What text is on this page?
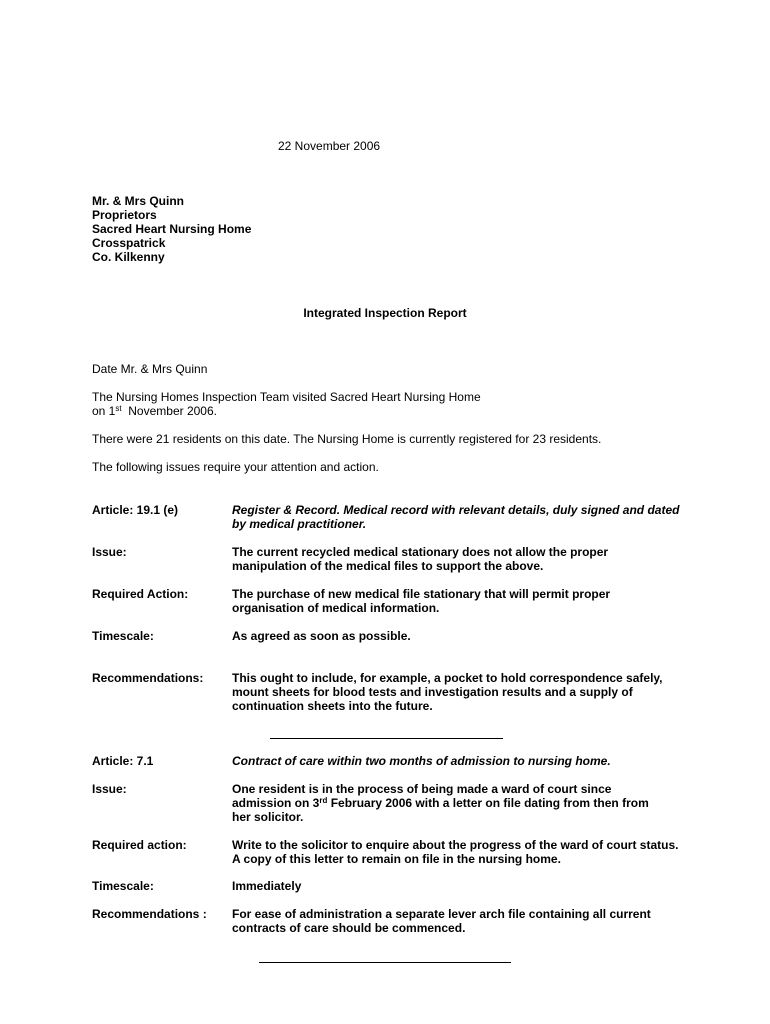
22 November 2006
Mr. & Mrs Quinn
Proprietors
Sacred Heart Nursing Home
Crosspatrick
Co. Kilkenny
Integrated Inspection Report
Date Mr. & Mrs Quinn
The Nursing Homes Inspection Team visited Sacred Heart Nursing Home
on 1st  November 2006.
There were 21 residents on this date. The Nursing Home is currently registered for 23 residents.
The following issues require your attention and action.
Article: 19.1 (e)	Register & Record. Medical record with relevant details, duly signed and dated by medical practitioner.
Issue:	The current recycled medical stationary does not allow the proper manipulation of the medical files to support the above.
Required Action:	The purchase of new medical file stationary that will permit proper organisation of medical information.
Timescale:	As agreed as soon as possible.
Recommendations: This ought to include, for example, a pocket to hold correspondence safely, mount sheets for blood tests and investigation results and a supply of continuation sheets into the future.
Article: 7.1	Contract of care within two months of admission to nursing home.
Issue:	One resident is in the process of being made a ward of court since admission on 3rd February 2006 with a letter on file dating from then from her solicitor.
Required action:	Write to the solicitor to enquire about the progress of the ward of court status. A copy of this letter to remain on file in the nursing home.
Timescale:	Immediately
Recommendations : For ease of administration a separate lever arch file containing all current contracts of care should be commenced.
